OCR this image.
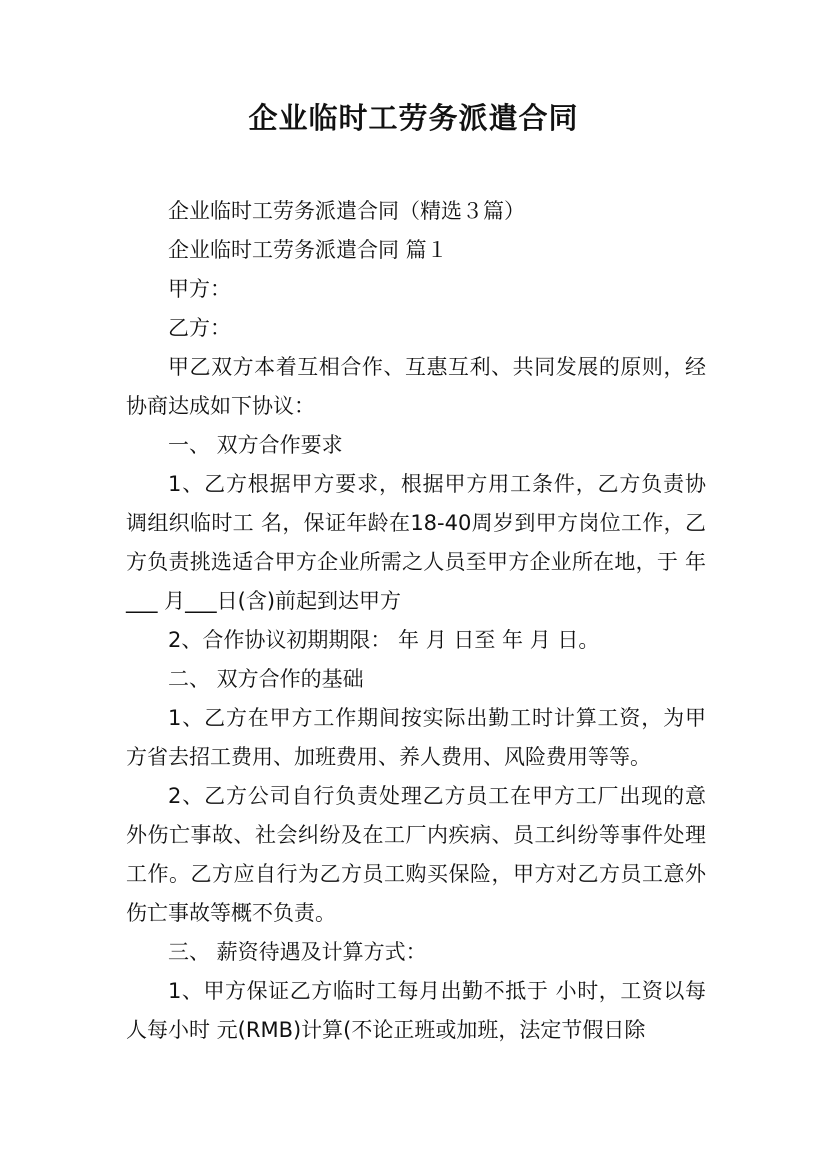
企业临时工劳务派遣合同

企业临时工劳务派遣合同（精选３篇）

企业临时工劳务派遣合同 篇１

甲方：

乙方：

甲乙双方本着互相合作、互惠互利、共同发展的原则，经协商达成如下协议：

一、 双方合作要求

1、乙方根据甲方要求，根据甲方用工条件，乙方负责协调组织临时工 名，保证年龄在18-40周岁到甲方岗位工作，乙方负责挑选适合甲方企业所需之人员至甲方企业所在地，于 年___ 月___日(含)前起到达甲方

2、合作协议初期期限： 年 月 日至 年 月 日。

二、 双方合作的基础

1、乙方在甲方工作期间按实际出勤工时计算工资，为甲方省去招工费用、加班费用、养人费用、风险费用等等。

2、乙方公司自行负责处理乙方员工在甲方工厂出现的意外伤亡事故、社会纠纷及在工厂内疾病、员工纠纷等事件处理工作。乙方应自行为乙方员工购买保险，甲方对乙方员工意外伤亡事故等概不负责。

三、 薪资待遇及计算方式：

1、甲方保证乙方临时工每月出勤不抵于 小时，工资以每人每小时 元(RMB)计算(不论正班或加班，法定节假日除
